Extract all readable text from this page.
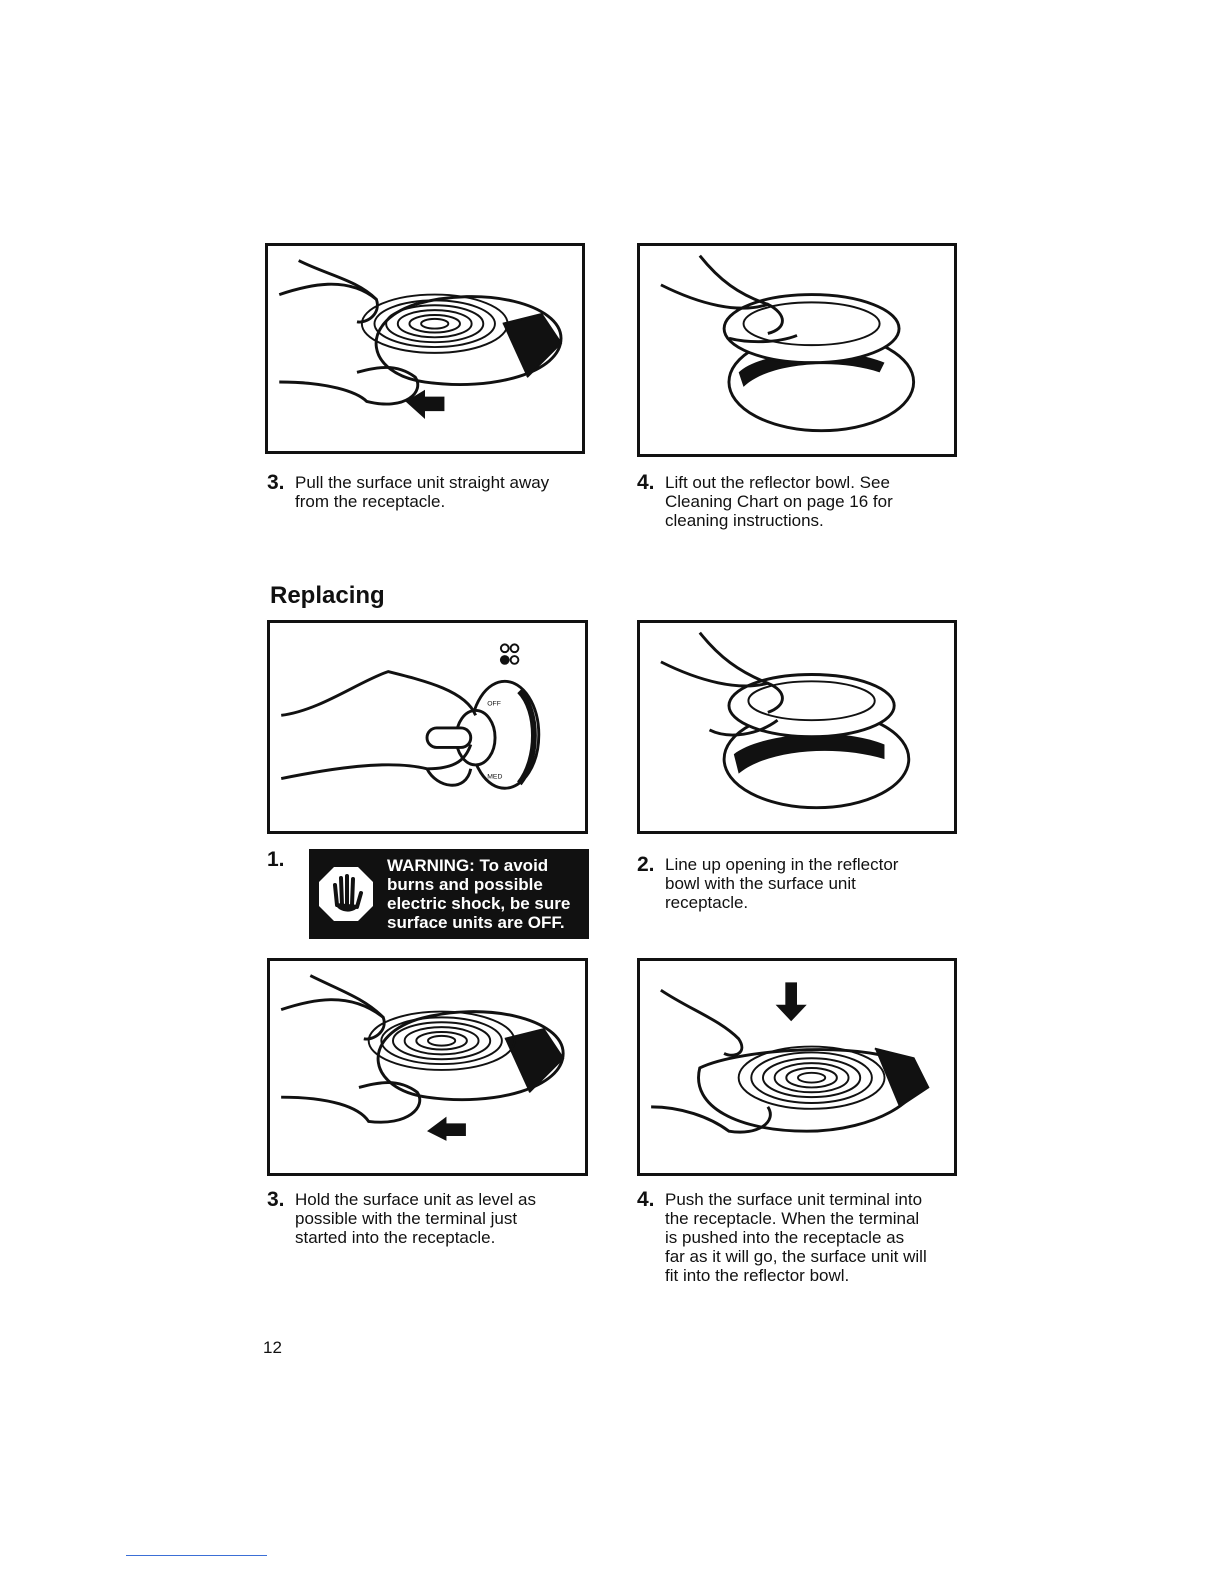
3. Pull the surface unit straight away
from the receptacle.
4. Lift out the reflector bowl. See
Cleaning Chart on page 16 for
cleaning instructions.
Replacing
OFF
MED
1.	WARNING: To avoid
burns and possible
electric shock, be sure
surface units are OFF.
2. Line up opening in the reflector
bowl with the surface unit
receptacle.
3. Hold the surface unit as level as
possible with the terminal just
started into the receptacle.
4. Push the surface unit terminal into
the receptacle. When the terminal
is pushed into the receptacle as
far as it will go, the surface unit will
fit into the reflector bowl.
12
